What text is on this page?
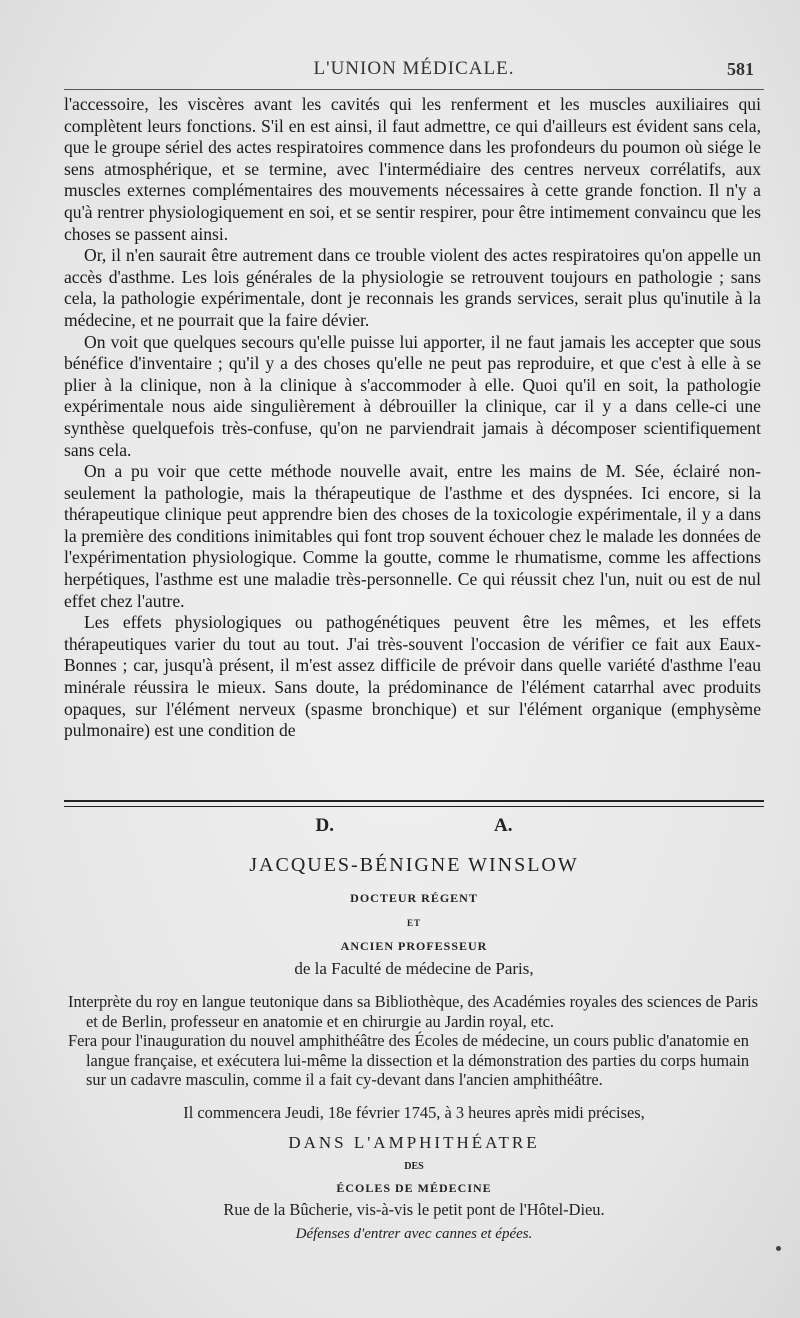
L'UNION MÉDICALE.	581

l'accessoire, les viscères avant les cavités qui les renferment et les muscles auxiliaires qui complètent leurs fonctions. S'il en est ainsi, il faut admettre, ce qui d'ailleurs est évident sans cela, que le groupe sériel des actes respiratoires commence dans les profondeurs du poumon où siége le sens atmosphérique, et se termine, avec l'intermédiaire des centres nerveux corrélatifs, aux muscles externes complémentaires des mouvements nécessaires à cette grande fonction. Il n'y a qu'à rentrer physiologiquement en soi, et se sentir respirer, pour être intimement convaincu que les choses se passent ainsi.

Or, il n'en saurait être autrement dans ce trouble violent des actes respiratoires qu'on appelle un accès d'asthme. Les lois générales de la physiologie se retrouvent toujours en pathologie ; sans cela, la pathologie expérimentale, dont je reconnais les grands services, serait plus qu'inutile à la médecine, et ne pourrait que la faire dévier.

On voit que quelques secours qu'elle puisse lui apporter, il ne faut jamais les accepter que sous bénéfice d'inventaire ; qu'il y a des choses qu'elle ne peut pas reproduire, et que c'est à elle à se plier à la clinique, non à la clinique à s'accommoder à elle. Quoi qu'il en soit, la pathologie expérimentale nous aide singulièrement à débrouiller la clinique, car il y a dans celle-ci une synthèse quelquefois très-confuse, qu'on ne parviendrait jamais à décomposer scientifiquement sans cela.

On a pu voir que cette méthode nouvelle avait, entre les mains de M. Sée, éclairé non-seulement la pathologie, mais la thérapeutique de l'asthme et des dyspnées. Ici encore, si la thérapeutique clinique peut apprendre bien des choses de la toxicologie expérimentale, il y a dans la première des conditions inimitables qui font trop souvent échouer chez le malade les données de l'expérimentation physiologique. Comme la goutte, comme le rhumatisme, comme les affections herpétiques, l'asthme est une maladie très-personnelle. Ce qui réussit chez l'un, nuit ou est de nul effet chez l'autre.

Les effets physiologiques ou pathogénétiques peuvent être les mêmes, et les effets thérapeutiques varier du tout au tout. J'ai très-souvent l'occasion de vérifier ce fait aux Eaux-Bonnes ; car, jusqu'à présent, il m'est assez difficile de prévoir dans quelle variété d'asthme l'eau minérale réussira le mieux. Sans doute, la prédominance de l'élément catarrhal avec produits opaques, sur l'élément nerveux (spasme bronchique) et sur l'élément organique (emphysème pulmonaire) est une condition de

D.	A.
JACQUES-BÉNIGNE WINSLOW
DOCTEUR RÉGENT
ET
ANCIEN PROFESSEUR
de la Faculté de médecine de Paris,
Interprète du roy en langue teutonique dans sa Bibliothèque, des Académies royales des sciences de Paris et de Berlin, professeur en anatomie et en chirurgie au Jardin royal, etc.
Fera pour l'inauguration du nouvel amphithéâtre des Écoles de médecine, un cours public d'anatomie en langue française, et exécutera lui-même la dissection et la démonstration des parties du corps humain sur un cadavre masculin, comme il a fait cy-devant dans l'ancien amphithéâtre.
Il commencera Jeudi, 18e février 1745, à 3 heures après midi précises,
DANS L'AMPHITHÉATRE
DES
ÉCOLES DE MÉDECINE
Rue de la Bûcherie, vis-à-vis le petit pont de l'Hôtel-Dieu.
Défenses d'entrer avec cannes et épées.
